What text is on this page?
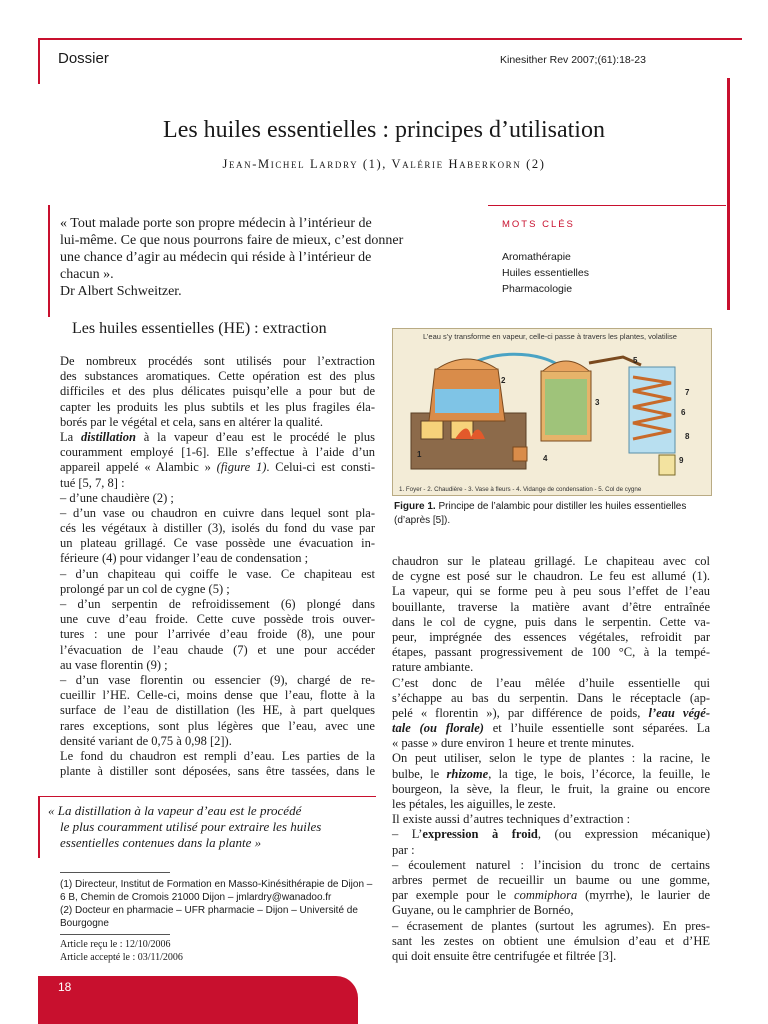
Dossier	Kinesither Rev 2007;(61):18-23
Les huiles essentielles : principes d’utilisation
Jean-Michel Lardry (1), Valérie Haberkorn (2)
« Tout malade porte son propre médecin à l’intérieur de
lui-même. Ce que nous pourrons faire de mieux, c’est donner
une chance d’agir au médecin qui réside à l’intérieur de
chacun ».
Dr Albert Schweitzer.
MOTS CLÉS
Aromathérapie
Huiles essentielles
Pharmacologie
Les huiles essentielles (HE) : extraction
De nombreux procédés sont utilisés pour l’extraction
des substances aromatiques. Cette opération est des plus
difficiles et des plus délicates puisqu’elle a pour but de
capter les produits les plus subtils et les plus fragiles éla-
borés par le végétal et cela, sans en altérer la qualité.
La distillation à la vapeur d’eau est le procédé le plus
couramment employé [1-6]. Elle s’effectue à l’aide d’un
appareil appelé « Alambic » (figure 1). Celui-ci est consti-
tué [5, 7, 8] :
– d’une chaudière (2) ;
– d’un vase ou chaudron en cuivre dans lequel sont pla-
cés les végétaux à distiller (3), isolés du fond du vase par
un plateau grillagé. Ce vase possède une évacuation in-
férieure (4) pour vidanger l’eau de condensation ;
– d’un chapiteau qui coiffe le vase. Ce chapiteau est
prolongé par un col de cygne (5) ;
– d’un serpentin de refroidissement (6) plongé dans
une cuve d’eau froide. Cette cuve possède trois ouver-
tures : une pour l’arrivée d’eau froide (8), une pour
l’évacuation de l’eau chaude (7) et une pour accéder
au vase florentin (9) ;
– d’un vase florentin ou essencier (9), chargé de re-
cueillir l’HE. Celle-ci, moins dense que l’eau, flotte à la
surface de l’eau de distillation (les HE, à part quelques
rares exceptions, sont plus légères que l’eau, avec une
densité variant de 0,75 à 0,98 [2]).
Le fond du chaudron est rempli d’eau. Les parties de la
plante à distiller sont déposées, sans être tassées, dans le
« La distillation à la vapeur d’eau est le procédé
le plus couramment utilisé pour extraire les huiles
essentielles contenues dans la plante »
(1) Directeur, Institut de Formation en Masso-Kinésithérapie de Dijon –
6 B, Chemin de Cromois 21000 Dijon – jmlardry@wanadoo.fr
(2) Docteur en pharmacie – UFR pharmacie – Dijon – Université de
Bourgogne
Article reçu le : 12/10/2006
Article accepté le : 03/11/2006
L’eau s’y transforme en vapeur, celle-ci passe à travers les plantes, volatilise
1
2
3
4
5
6
7
8
9
1. Foyer - 2. Chaudière - 3. Vase à fleurs - 4. Vidange de condensation - 5. Col de cygne
Figure 1. Principe de l’alambic pour distiller les huiles essentielles (d’après [5]).
chaudron sur le plateau grillagé. Le chapiteau avec col
de cygne est posé sur le chaudron. Le feu est allumé (1).
La vapeur, qui se forme peu à peu sous l’effet de l’eau
bouillante, traverse la matière avant d’être entraînée
dans le col de cygne, puis dans le serpentin. Cette va-
peur, imprégnée des essences végétales, refroidit par
étapes, passant progressivement de 100 °C, à la tempé-
rature ambiante.
C’est donc de l’eau mêlée d’huile essentielle qui
s’échappe au bas du serpentin. Dans le réceptacle (ap-
pelé « florentin »), par différence de poids, l’eau végé-
tale (ou florale) et l’huile essentielle sont séparées. La
« passe » dure environ 1 heure et trente minutes.
On peut utiliser, selon le type de plantes : la racine, le
bulbe, le rhizome, la tige, le bois, l’écorce, la feuille, le
bourgeon, la sève, la fleur, le fruit, la graine ou encore
les pétales, les aiguilles, le zeste.
Il existe aussi d’autres techniques d’extraction :
– L’expression à froid, (ou expression mécanique)
par :
– écoulement naturel : l’incision du tronc de certains
arbres permet de recueillir un baume ou une gomme,
par exemple pour le commiphora (myrrhe), le laurier de
Guyane, ou le camphrier de Bornéo,
– écrasement de plantes (surtout les agrumes). En pres-
sant les zestes on obtient une émulsion d’eau et d’HE
qui doit ensuite être centrifugée et filtrée [3].
18
